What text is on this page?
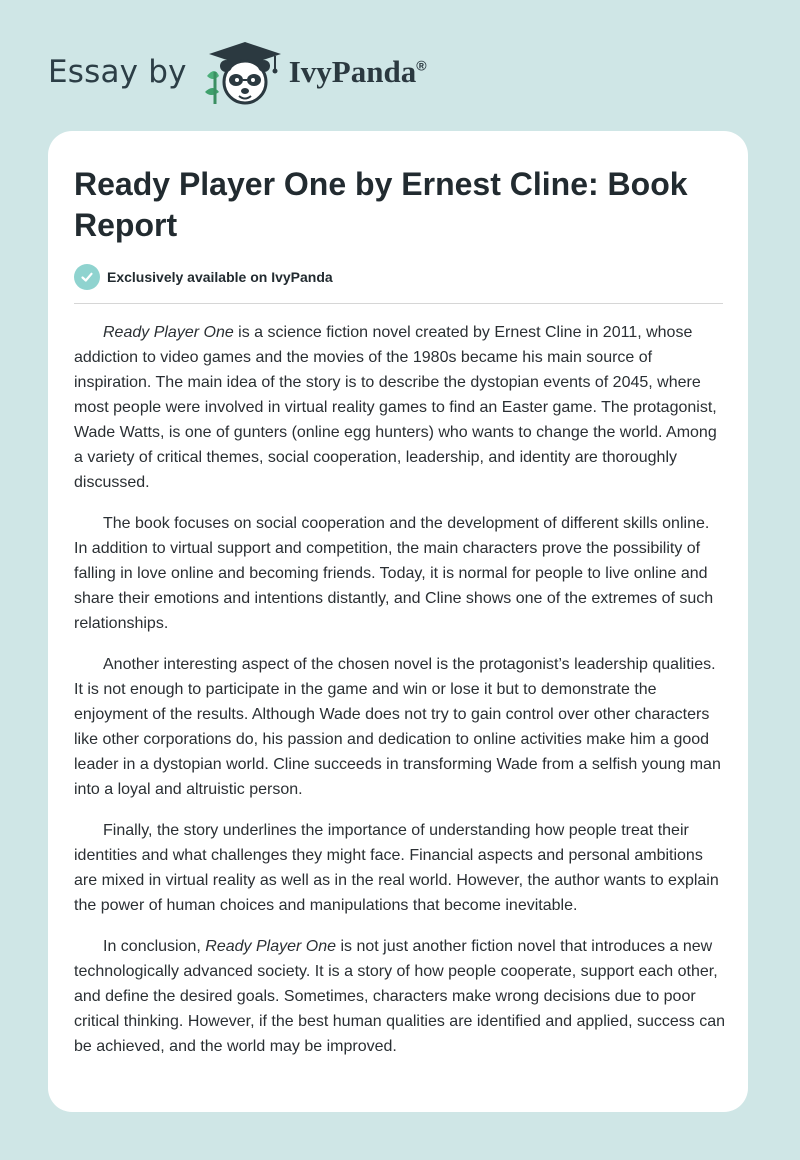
Essay by	IvyPanda®
Ready Player One by Ernest Cline: Book Report
Exclusively available on IvyPanda

Ready Player One is a science fiction novel created by Ernest Cline in 2011, whose addiction to video games and the movies of the 1980s became his main source of inspiration. The main idea of the story is to describe the dystopian events of 2045, where most people were involved in virtual reality games to find an Easter game. The protagonist, Wade Watts, is one of gunters (online egg hunters) who wants to change the world. Among a variety of critical themes, social cooperation, leadership, and identity are thoroughly discussed.

The book focuses on social cooperation and the development of different skills online. In addition to virtual support and competition, the main characters prove the possibility of falling in love online and becoming friends. Today, it is normal for people to live online and share their emotions and intentions distantly, and Cline shows one of the extremes of such relationships.

Another interesting aspect of the chosen novel is the protagonist’s leadership qualities. It is not enough to participate in the game and win or lose it but to demonstrate the enjoyment of the results. Although Wade does not try to gain control over other characters like other corporations do, his passion and dedication to online activities make him a good leader in a dystopian world. Cline succeeds in transforming Wade from a selfish young man into a loyal and altruistic person.

Finally, the story underlines the importance of understanding how people treat their identities and what challenges they might face. Financial aspects and personal ambitions are mixed in virtual reality as well as in the real world. However, the author wants to explain the power of human choices and manipulations that become inevitable.

In conclusion, Ready Player One is not just another fiction novel that introduces a new technologically advanced society. It is a story of how people cooperate, support each other, and define the desired goals. Sometimes, characters make wrong decisions due to poor critical thinking. However, if the best human qualities are identified and applied, success can be achieved, and the world may be improved.
